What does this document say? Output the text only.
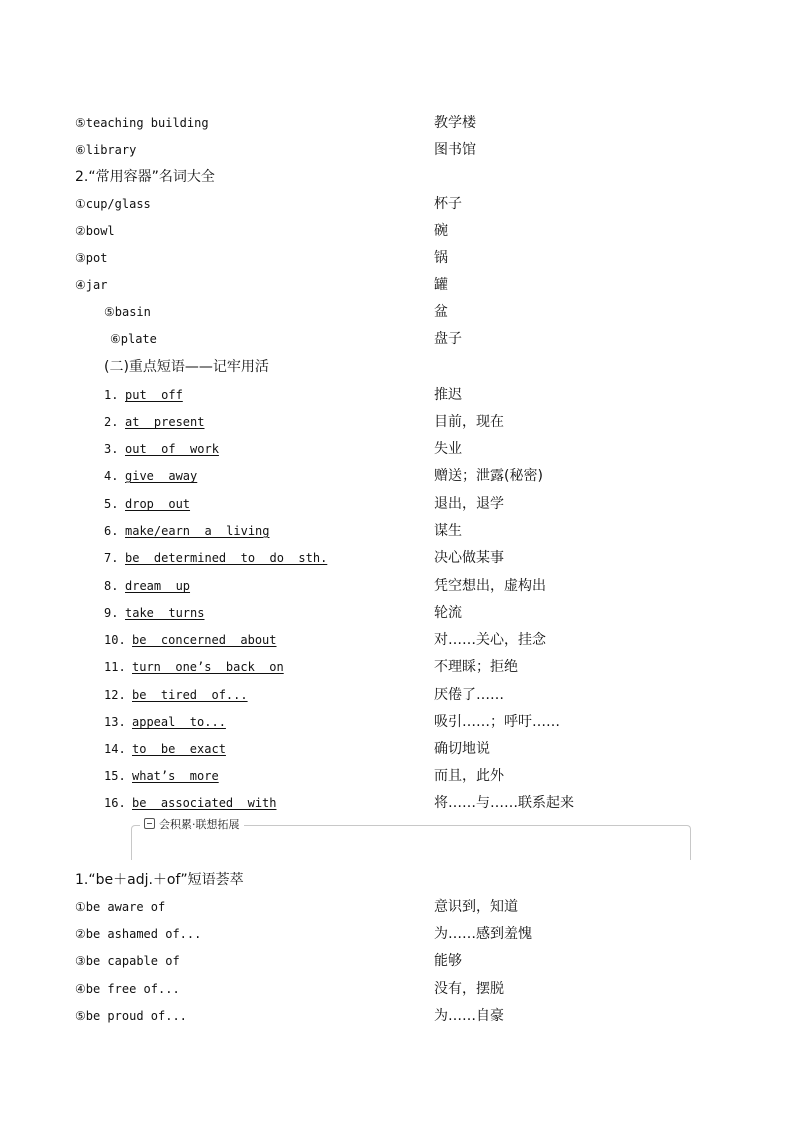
⑤teaching building	教学楼
⑥library	图书馆
2.“常用容器”名词大全
①cup/glass	杯子
②bowl	碗
③pot	锅
④jar	罐
⑤basin	盆
⑥plate	盘子
(二)重点短语——记牢用活
1. put  off	推迟
2. at  present	目前，现在
3. out  of  work	失业
4. give  away	赠送；泄露(秘密)
5. drop  out	退出，退学
6. make/earn  a  living	谋生
7. be  determined  to  do  sth.	决心做某事
8. dream  up	凭空想出，虚构出
9. take  turns	轮流
10. be  concerned  about	对……关心，挂念
11. turn  one’s  back  on	不理睬；拒绝
12. be  tired  of...	厌倦了……
13. appeal  to...	吸引……；呼吁……
14. to  be  exact	确切地说
15. what’s  more	而且，此外
16. be  associated  with	将……与……联系起来
会积累·联想拓展
1.“be＋adj.＋of”短语荟萃
①be aware of	意识到，知道
②be ashamed of...	为……感到羞愧
③be capable of	能够
④be free of...	没有，摆脱
⑤be proud of...	为……自豪
